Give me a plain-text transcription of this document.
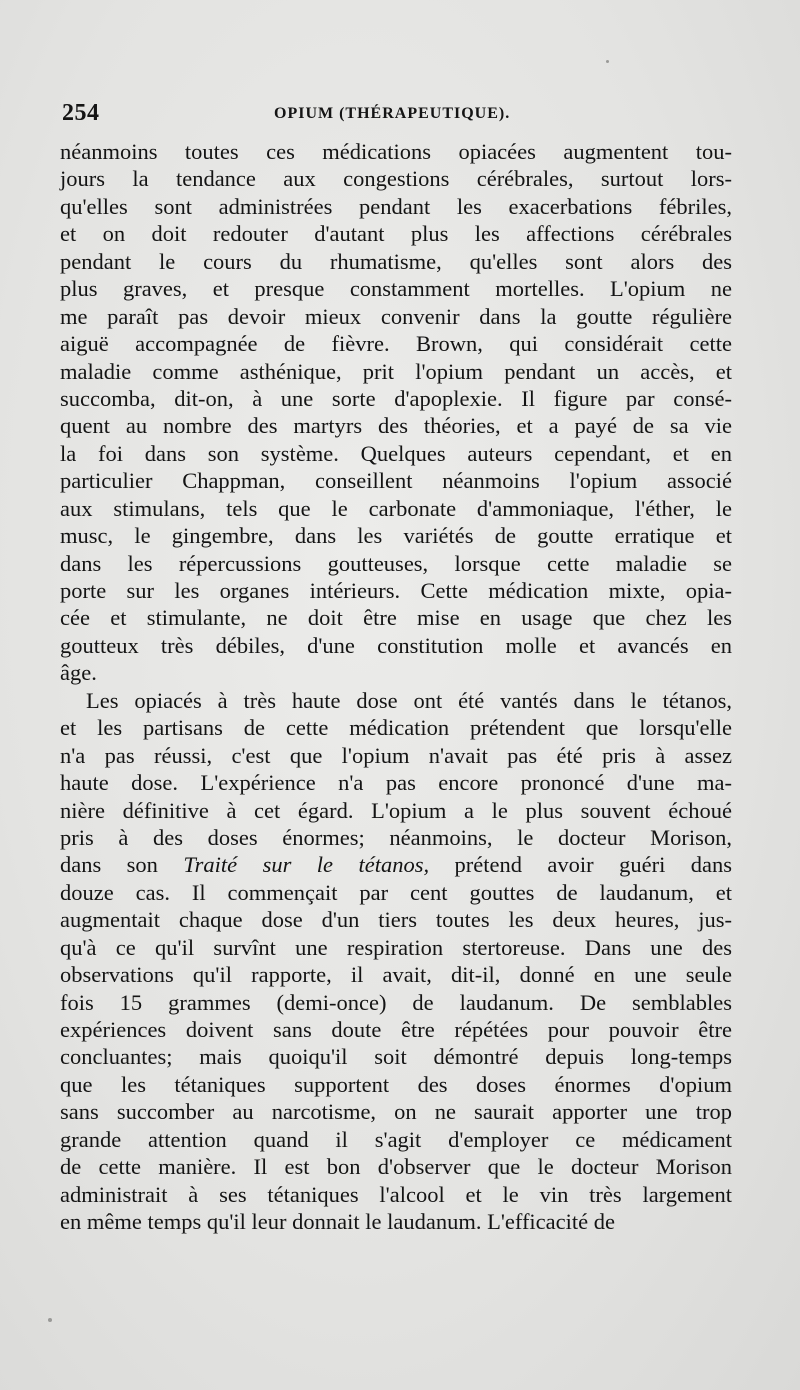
254	OPIUM (THÉRAPEUTIQUE).
néanmoins toutes ces médications opiacées augmentent tou-
jours la tendance aux congestions cérébrales, surtout lors-
qu'elles sont administrées pendant les exacerbations fébriles,
et on doit redouter d'autant plus les affections cérébrales
pendant le cours du rhumatisme, qu'elles sont alors des
plus graves, et presque constamment mortelles. L'opium ne
me paraît pas devoir mieux convenir dans la goutte régulière
aiguë accompagnée de fièvre. Brown, qui considérait cette
maladie comme asthénique, prit l'opium pendant un accès, et
succomba, dit-on, à une sorte d'apoplexie. Il figure par consé-
quent au nombre des martyrs des théories, et a payé de sa vie
la foi dans son système. Quelques auteurs cependant, et en
particulier Chappman, conseillent néanmoins l'opium associé
aux stimulans, tels que le carbonate d'ammoniaque, l'éther, le
musc, le gingembre, dans les variétés de goutte erratique et
dans les répercussions goutteuses, lorsque cette maladie se
porte sur les organes intérieurs. Cette médication mixte, opia-
cée et stimulante, ne doit être mise en usage que chez les
goutteux très débiles, d'une constitution molle et avancés en
âge.
Les opiacés à très haute dose ont été vantés dans le tétanos,
et les partisans de cette médication prétendent que lorsqu'elle
n'a pas réussi, c'est que l'opium n'avait pas été pris à assez
haute dose. L'expérience n'a pas encore prononcé d'une ma-
nière définitive à cet égard. L'opium a le plus souvent échoué
pris à des doses énormes; néanmoins, le docteur Morison,
dans son Traité sur le tétanos, prétend avoir guéri dans
douze cas. Il commençait par cent gouttes de laudanum, et
augmentait chaque dose d'un tiers toutes les deux heures, jus-
qu'à ce qu'il survînt une respiration stertoreuse. Dans une des
observations qu'il rapporte, il avait, dit-il, donné en une seule
fois 15 grammes (demi-once) de laudanum. De semblables
expériences doivent sans doute être répétées pour pouvoir être
concluantes; mais quoiqu'il soit démontré depuis long-temps
que les tétaniques supportent des doses énormes d'opium
sans succomber au narcotisme, on ne saurait apporter une trop
grande attention quand il s'agit d'employer ce médicament
de cette manière. Il est bon d'observer que le docteur Morison
administrait à ses tétaniques l'alcool et le vin très largement
en même temps qu'il leur donnait le laudanum. L'efficacité de
